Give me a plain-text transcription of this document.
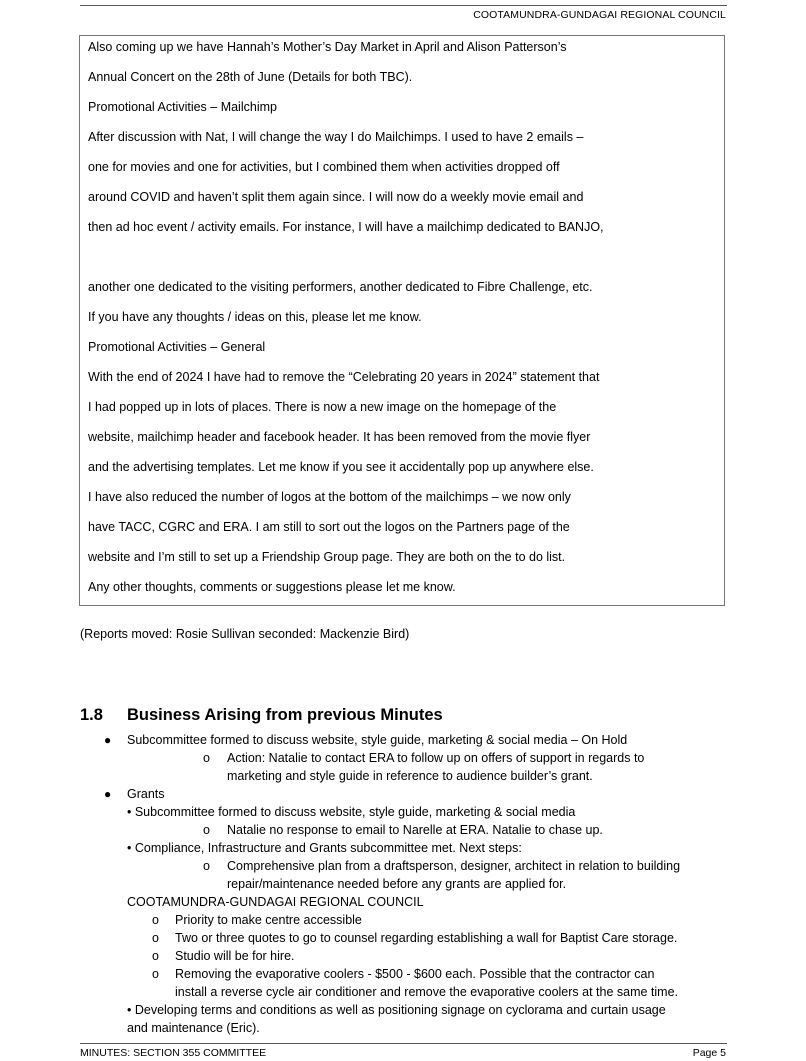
COOTAMUNDRA-GUNDAGAI REGIONAL COUNCIL
Also coming up we have Hannah’s Mother’s Day Market in April and Alison Patterson’s
Annual Concert on the 28th of June (Details for both TBC).
Promotional Activities – Mailchimp
After discussion with Nat, I will change the way I do Mailchimps. I used to have 2 emails –
one for movies and one for activities, but I combined them when activities dropped off
around COVID and haven’t split them again since. I will now do a weekly movie email and
then ad hoc event / activity emails. For instance, I will have a mailchimp dedicated to BANJO,
another one dedicated to the visiting performers, another dedicated to Fibre Challenge, etc.
If you have any thoughts / ideas on this, please let me know.
Promotional Activities – General
With the end of 2024 I have had to remove the “Celebrating 20 years in 2024” statement that
I had popped up in lots of places. There is now a new image on the homepage of the
website, mailchimp header and facebook header. It has been removed from the movie flyer
and the advertising templates. Let me know if you see it accidentally pop up anywhere else.
I have also reduced the number of logos at the bottom of the mailchimps – we now only
have TACC, CGRC and ERA. I am still to sort out the logos on the Partners page of the
website and I’m still to set up a Friendship Group page. They are both on the to do list.
Any other thoughts, comments or suggestions please let me know.
(Reports moved: Rosie Sullivan seconded: Mackenzie Bird)
1.8 Business Arising from previous Minutes
● Subcommittee formed to discuss website, style guide, marketing & social media – On Hold
o Action: Natalie to contact ERA to follow up on offers of support in regards to
marketing and style guide in reference to audience builder’s grant.
● Grants
• Subcommittee formed to discuss website, style guide, marketing & social media
o Natalie no response to email to Narelle at ERA. Natalie to chase up.
• Compliance, Infrastructure and Grants subcommittee met. Next steps:
o Comprehensive plan from a draftsperson, designer, architect in relation to building
repair/maintenance needed before any grants are applied for.
COOTAMUNDRA-GUNDAGAI REGIONAL COUNCIL
o Priority to make centre accessible
o Two or three quotes to go to counsel regarding establishing a wall for Baptist Care storage.
o Studio will be for hire.
o Removing the evaporative coolers - $500 - $600 each. Possible that the contractor can
install a reverse cycle air conditioner and remove the evaporative coolers at the same time.
• Developing terms and conditions as well as positioning signage on cyclorama and curtain usage
and maintenance (Eric).
MINUTES: SECTION 355 COMMITTEE	Page 5
